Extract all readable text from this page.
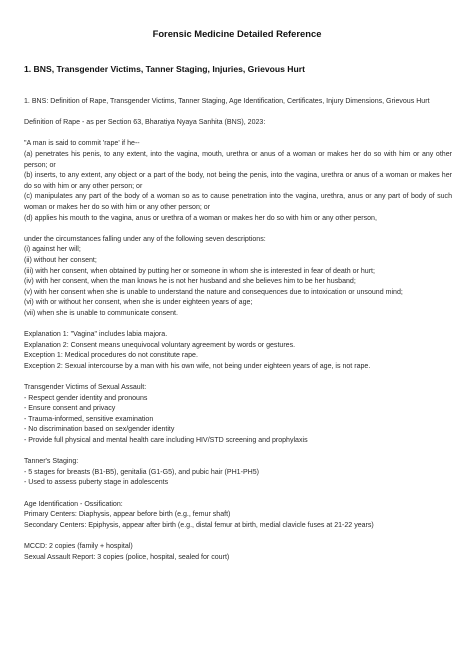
Forensic Medicine Detailed Reference
1. BNS, Transgender Victims, Tanner Staging, Injuries, Grievous Hurt
1. BNS: Definition of Rape, Transgender Victims, Tanner Staging, Age Identification, Certificates, Injury Dimensions, Grievous Hurt
Definition of Rape - as per Section 63, Bharatiya Nyaya Sanhita (BNS), 2023:
"A man is said to commit 'rape' if he--
(a) penetrates his penis, to any extent, into the vagina, mouth, urethra or anus of a woman or makes her do so with him or any other person; or
(b) inserts, to any extent, any object or a part of the body, not being the penis, into the vagina, urethra or anus of a woman or makes her do so with him or any other person; or
(c) manipulates any part of the body of a woman so as to cause penetration into the vagina, urethra, anus or any part of body of such woman or makes her do so with him or any other person; or
(d) applies his mouth to the vagina, anus or urethra of a woman or makes her do so with him or any other person,
under the circumstances falling under any of the following seven descriptions:
(i) against her will;
(ii) without her consent;
(iii) with her consent, when obtained by putting her or someone in whom she is interested in fear of death or hurt;
(iv) with her consent, when the man knows he is not her husband and she believes him to be her husband;
(v) with her consent when she is unable to understand the nature and consequences due to intoxication or unsound mind;
(vi) with or without her consent, when she is under eighteen years of age;
(vii) when she is unable to communicate consent.
Explanation 1: "Vagina" includes labia majora.
Explanation 2: Consent means unequivocal voluntary agreement by words or gestures.
Exception 1: Medical procedures do not constitute rape.
Exception 2: Sexual intercourse by a man with his own wife, not being under eighteen years of age, is not rape.
Transgender Victims of Sexual Assault:
- Respect gender identity and pronouns
- Ensure consent and privacy
- Trauma-informed, sensitive examination
- No discrimination based on sex/gender identity
- Provide full physical and mental health care including HIV/STD screening and prophylaxis
Tanner's Staging:
- 5 stages for breasts (B1-B5), genitalia (G1-G5), and pubic hair (PH1-PH5)
- Used to assess puberty stage in adolescents
Age Identification - Ossification:
Primary Centers: Diaphysis, appear before birth (e.g., femur shaft)
Secondary Centers: Epiphysis, appear after birth (e.g., distal femur at birth, medial clavicle fuses at 21-22 years)
MCCD: 2 copies (family + hospital)
Sexual Assault Report: 3 copies (police, hospital, sealed for court)
